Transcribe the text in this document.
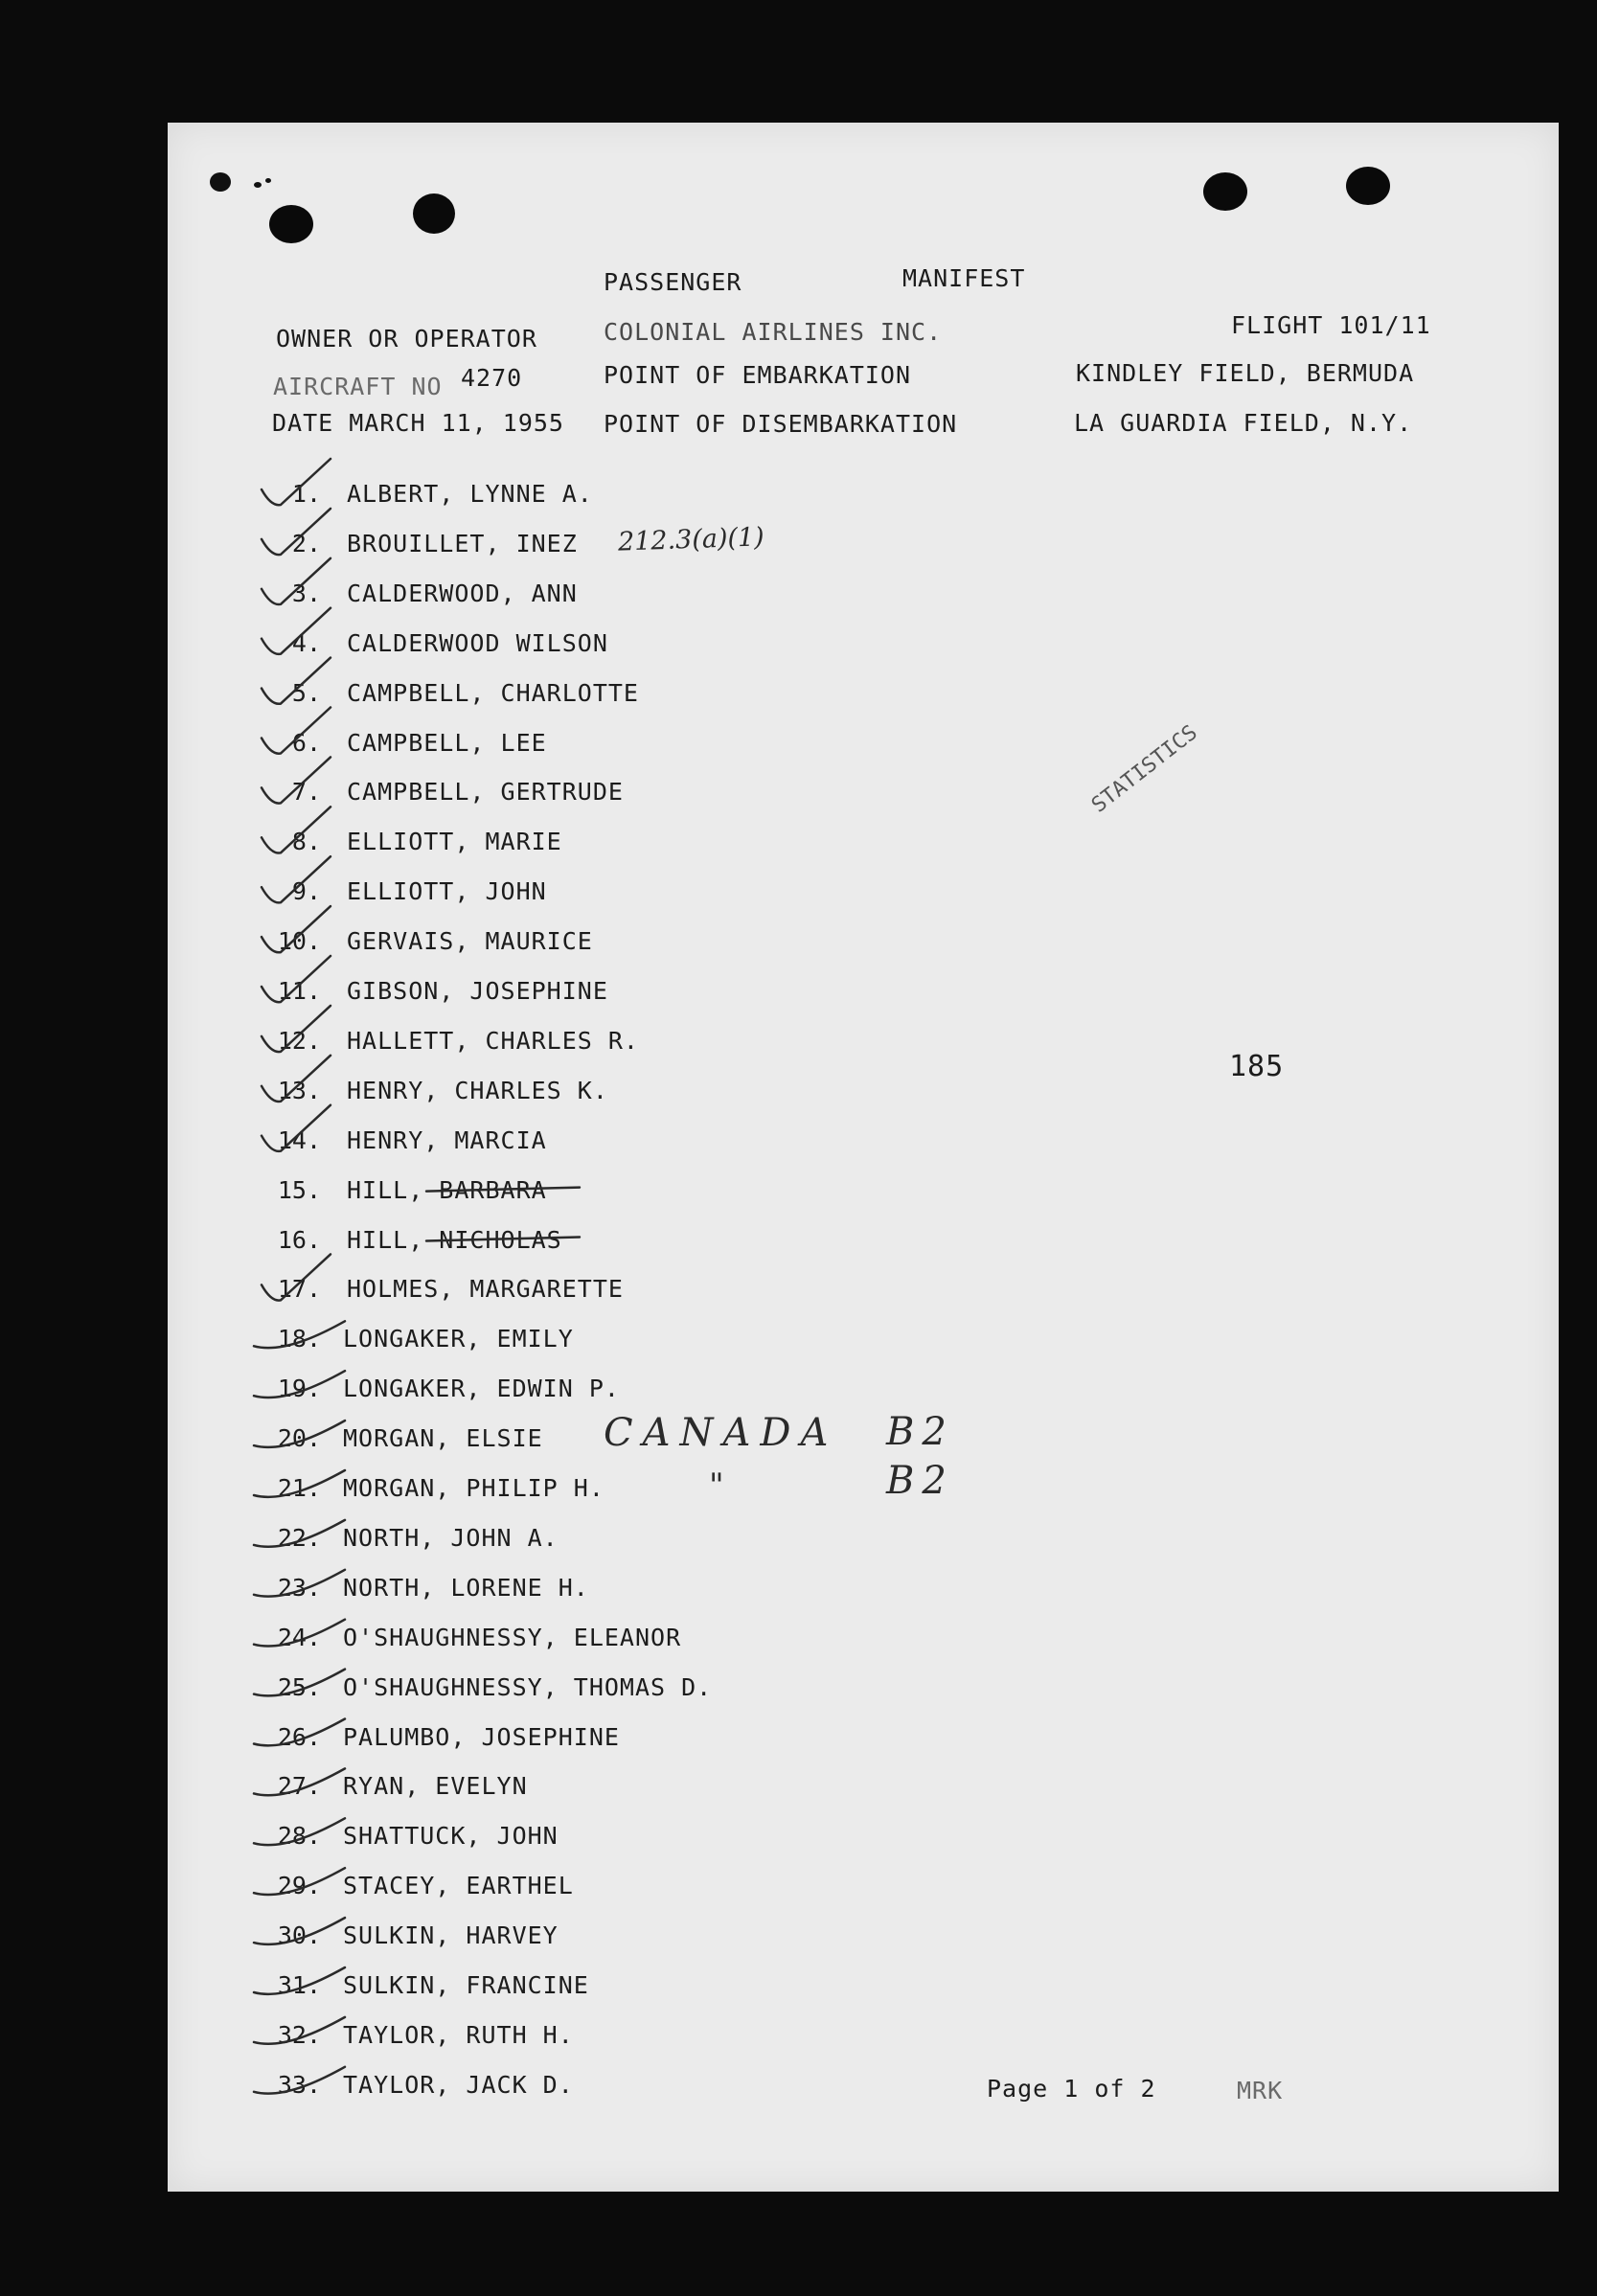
PASSENGER	MANIFEST
OWNER OR OPERATOR	COLONIAL AIRLINES INC.	FLIGHT 101/11
AIRCRAFT NO 4270	POINT OF EMBARKATION	KINDLEY FIELD, BERMUDA
DATE MARCH 11, 1955 POINT OF DISEMBARKATION	LA GUARDIA FIELD, N.Y.
1. ALBERT, LYNNE A.
2. BROUILLET, INEZ
3. CALDERWOOD, ANN
4. CALDERWOOD WILSON
5. CAMPBELL, CHARLOTTE
6. CAMPBELL, LEE
7. CAMPBELL, GERTRUDE
8. ELLIOTT, MARIE
9. ELLIOTT, JOHN
10. GERVAIS, MAURICE
11. GIBSON, JOSEPHINE
12. HALLETT, CHARLES R.
13. HENRY, CHARLES K.
14. HENRY, MARCIA
15. HILL, BARBARA
16. HILL, NICHOLAS
17. HOLMES, MARGARETTE
18. LONGAKER, EMILY
19. LONGAKER, EDWIN P.
20. MORGAN, ELSIE
21. MORGAN, PHILIP H.
22. NORTH, JOHN A.
23. NORTH, LORENE H.
24. O'SHAUGHNESSY, ELEANOR
25. O'SHAUGHNESSY, THOMAS D.
26. PALUMBO, JOSEPHINE
27. RYAN, EVELYN
28. SHATTUCK, JOHN
29. STACEY, EARTHEL
30. SULKIN, HARVEY
31. SULKIN, FRANCINE
32. TAYLOR, RUTH H.
33. TAYLOR, JACK D.
212.3(a)(1)
CANADA B2
"	B2
STATISTICS
185
Page 1 of 2	MRK
